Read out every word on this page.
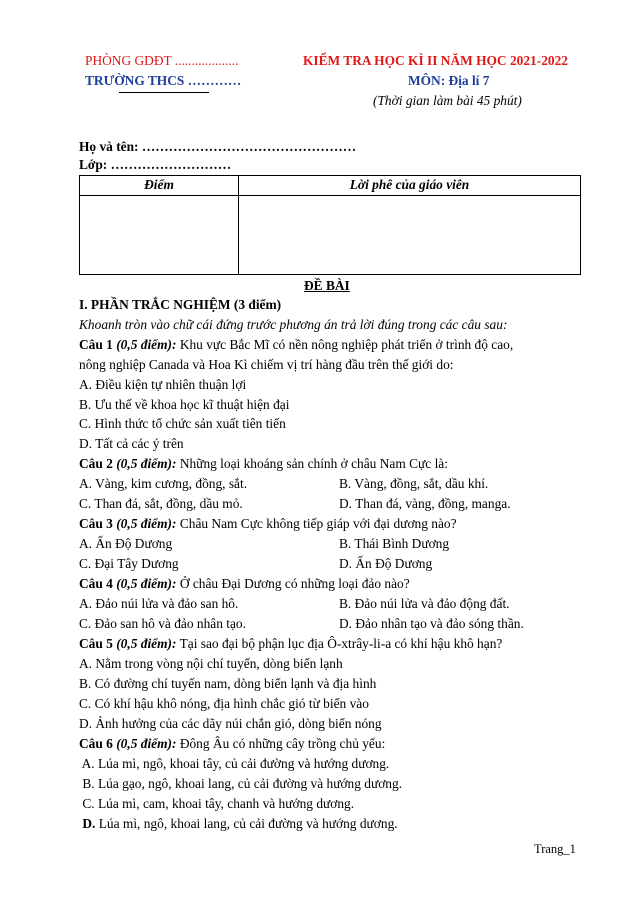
PHÒNG GDĐT ...................
TRƯỜNG THCS …………
KIỂM TRA HỌC KÌ II NĂM HỌC 2021-2022
MÔN: Địa lí 7
(Thời gian làm bài 45 phút)
Họ và tên: …………………………………………
Lớp: ………………………
Điểm	Lời phê của giáo viên

ĐỀ BÀI
I. PHẦN TRẮC NGHIỆM (3 điểm)
Khoanh tròn vào chữ cái đứng trước phương án trả lời đúng trong các câu sau:
Câu 1 (0,5 điểm): Khu vực Bắc Mĩ có nền nông nghiệp phát triển ở trình độ cao,
nông nghiệp Canada và Hoa Kì chiếm vị trí hàng đầu trên thế giới do:
A. Điều kiện tự nhiên thuận lợi
B. Ưu thế về khoa học kĩ thuật hiện đại
C. Hình thức tổ chức sản xuất tiên tiến
D. Tất cả các ý trên
Câu 2 (0,5 điểm): Những loại khoáng sản chính ở châu Nam Cực là:
A. Vàng, kim cương, đồng, sắt.	B. Vàng, đồng, sắt, dầu khí.
C. Than đá, sắt, đồng, dầu mỏ.	D. Than đá, vàng, đồng, manga.
Câu 3 (0,5 điểm): Châu Nam Cực không tiếp giáp với đại dương nào?
A. Ấn Độ Dương	B. Thái Bình Dương
C. Đại Tây Dương	D. Ấn Độ Dương
Câu 4 (0,5 điểm): Ở châu Đại Dương có những loại đảo nào?
A. Đảo núi lửa và đảo san hô.	B. Đảo núi lửa và đảo động đất.
C. Đảo san hô và đảo nhân tạo.	D. Đảo nhân tạo và đảo sóng thần.
Câu 5 (0,5 điểm): Tại sao đại bộ phận lục địa Ô-xtrây-li-a có khí hậu khô hạn?
A. Nằm trong vòng nội chí tuyến, dòng biển lạnh
B. Có đường chí tuyến nam, dòng biển lạnh và địa hình
C. Có khí hậu khô nóng, địa hình chắc gió từ biển vào
D. Ảnh hưởng của các dãy núi chắn gió, dòng biển nóng
Câu 6 (0,5 điểm): Đông Âu có những cây trồng chủ yếu:
A. Lúa mì, ngô, khoai tây, củ cải đường và hướng dương.
B. Lúa gạo, ngô, khoai lang, củ cải đường và hướng dương.
C. Lúa mì, cam, khoai tây, chanh và hướng dương.
D. Lúa mì, ngô, khoai lang, củ cải đường và hướng dương.
Trang_1
